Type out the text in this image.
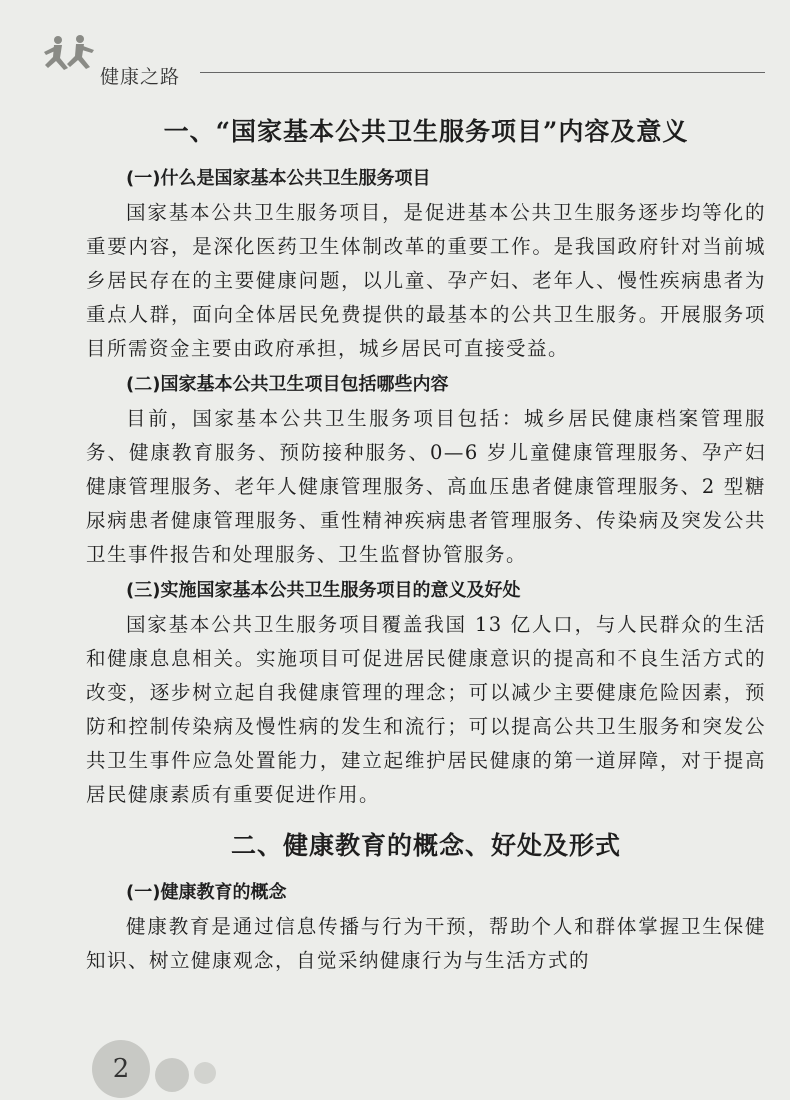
健康之路
一、“国家基本公共卫生服务项目”内容及意义
(一)什么是国家基本公共卫生服务项目

国家基本公共卫生服务项目，是促进基本公共卫生服务逐步均等化的重要内容，是深化医药卫生体制改革的重要工作。是我国政府针对当前城乡居民存在的主要健康问题，以儿童、孕产妇、老年人、慢性疾病患者为重点人群，面向全体居民免费提供的最基本的公共卫生服务。开展服务项目所需资金主要由政府承担，城乡居民可直接受益。

(二)国家基本公共卫生项目包括哪些内容

目前，国家基本公共卫生服务项目包括：城乡居民健康档案管理服务、健康教育服务、预防接种服务、0—6 岁儿童健康管理服务、孕产妇健康管理服务、老年人健康管理服务、高血压患者健康管理服务、2 型糖尿病患者健康管理服务、重性精神疾病患者管理服务、传染病及突发公共卫生事件报告和处理服务、卫生监督协管服务。

(三)实施国家基本公共卫生服务项目的意义及好处

国家基本公共卫生服务项目覆盖我国 13 亿人口，与人民群众的生活和健康息息相关。实施项目可促进居民健康意识的提高和不良生活方式的改变，逐步树立起自我健康管理的理念；可以减少主要健康危险因素，预防和控制传染病及慢性病的发生和流行；可以提高公共卫生服务和突发公共卫生事件应急处置能力，建立起维护居民健康的第一道屏障，对于提高居民健康素质有重要促进作用。

二、健康教育的概念、好处及形式
(一)健康教育的概念

健康教育是通过信息传播与行为干预，帮助个人和群体掌握卫生保健知识、树立健康观念，自觉采纳健康行为与生活方式的

2
